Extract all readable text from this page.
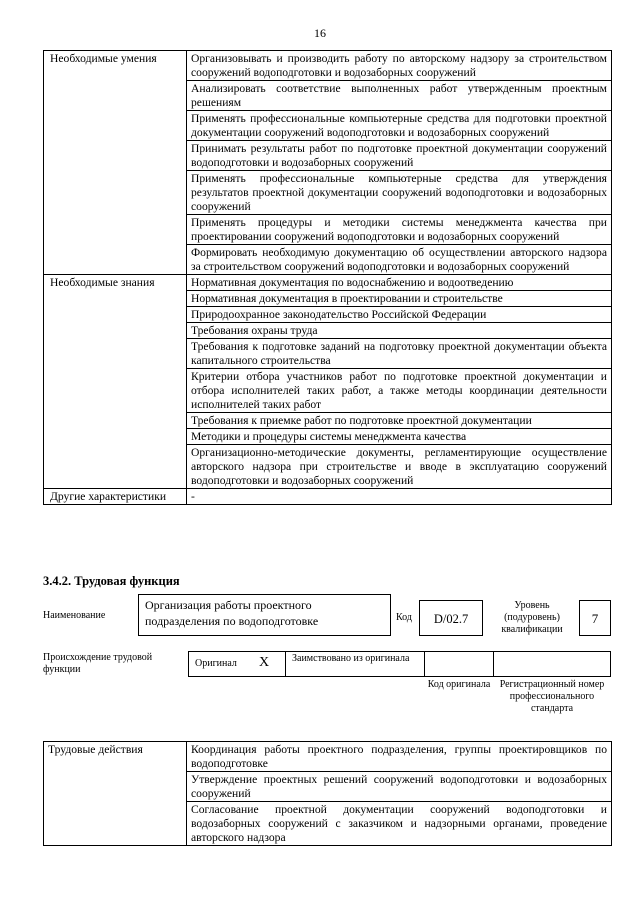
16
Необходимые умения	Организовывать и производить работу по авторскому надзору за строительством сооружений водоподготовки и водозаборных сооружений
	Анализировать соответствие выполненных работ утвержденным проектным решениям
	Применять профессиональные компьютерные средства для подготовки проектной документации сооружений водоподготовки и водозаборных сооружений
	Принимать результаты работ по подготовке проектной документации сооружений водоподготовки и водозаборных сооружений
	Применять профессиональные компьютерные средства для утверждения результатов проектной документации сооружений водоподготовки и водозаборных сооружений
	Применять процедуры и методики системы менеджмента качества при проектировании сооружений водоподготовки и водозаборных сооружений
	Формировать необходимую документацию об осуществлении авторского надзора за строительством сооружений водоподготовки и водозаборных сооружений
Необходимые знания	Нормативная документация по водоснабжению и водоотведению
	Нормативная документация в проектировании и строительстве
	Природоохранное законодательство Российской Федерации
	Требования охраны труда
	Требования к подготовке заданий на подготовку проектной документации объекта капитального строительства
	Критерии отбора участников работ по подготовке проектной документации и отбора исполнителей таких работ, а также методы координации деятельности исполнителей таких работ
	Требования к приемке работ по подготовке проектной документации
	Методики и процедуры системы менеджмента качества
	Организационно-методические документы, регламентирующие осуществление авторского надзора при строительстве и вводе в эксплуатацию сооружений водоподготовки и водозаборных сооружений
Другие характеристики	-
3.4.2. Трудовая функция
Наименование
Организация работы проектного подразделения по водоподготовке	Код	D/02.7
Уровень (подуровень) квалификации
7
Происхождение трудовой функции
Оригинал X Заимствовано из оригинала
Код оригинала Регистрационный номер профессионального стандарта
Трудовые действия	Координация работы проектного подразделения, группы проектировщиков по водоподготовке
Утверждение проектных решений сооружений водоподготовки и водозаборных сооружений
Согласование проектной документации сооружений водоподготовки и водозаборных сооружений с заказчиком и надзорными органами, проведение авторского надзора
